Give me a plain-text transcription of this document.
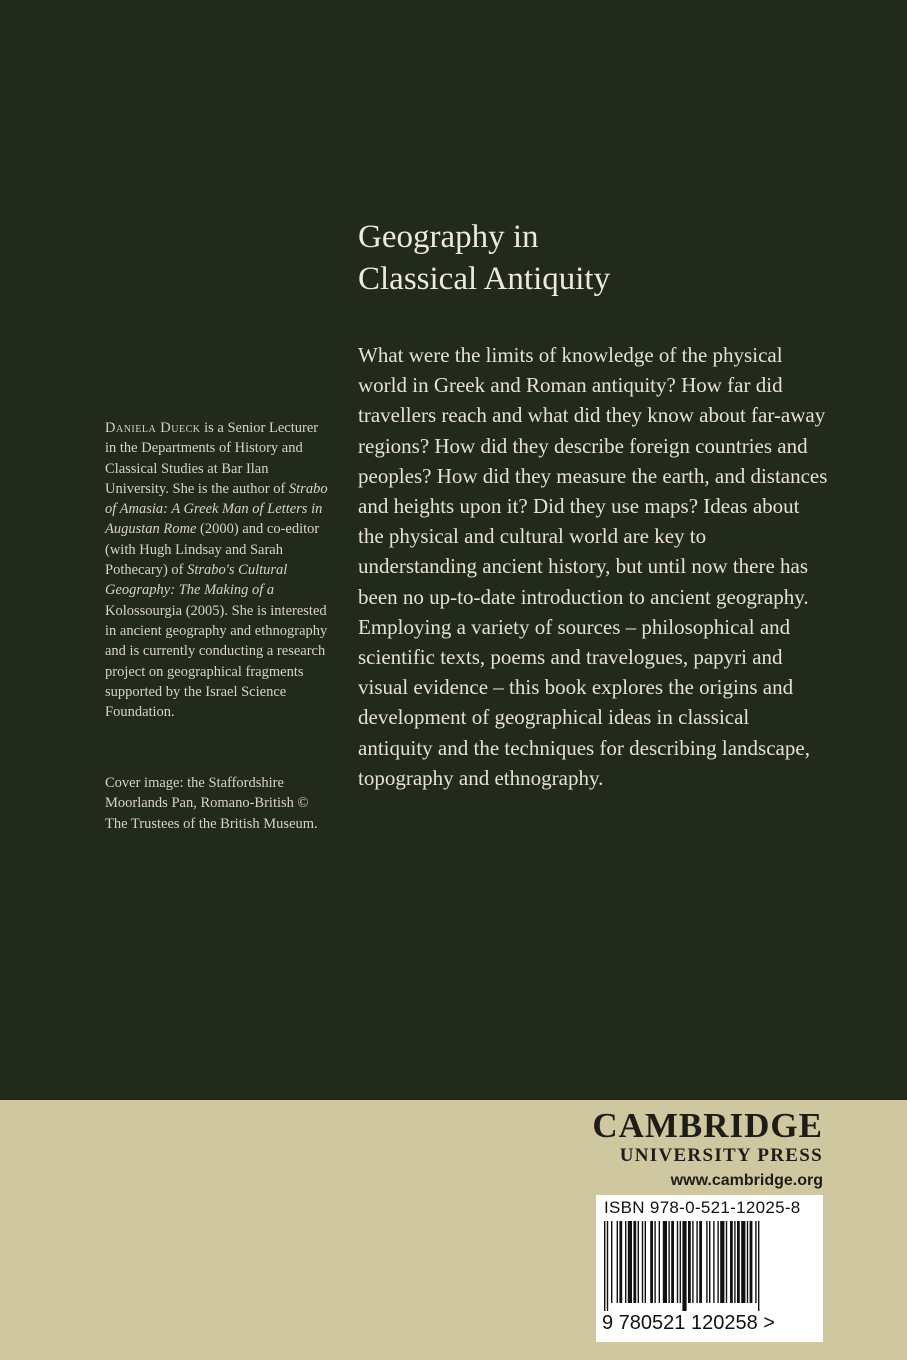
Geography in
Classical Antiquity

What were the limits of knowledge of the physical world in Greek and Roman antiquity? How far did travellers reach and what did they know about far-away regions? How did they describe foreign countries and peoples? How did they measure the earth, and distances and heights upon it? Did they use maps? Ideas about the physical and cultural world are key to understanding ancient history, but until now there has been no up-to-date introduction to ancient geography. Employing a variety of sources – philosophical and scientific texts, poems and travelogues, papyri and visual evidence – this book explores the origins and development of geographical ideas in classical antiquity and the techniques for describing landscape, topography and ethnography.

Daniela Dueck is a Senior Lecturer in the Departments of History and Classical Studies at Bar Ilan University. She is the author of Strabo of Amasia: A Greek Man of Letters in Augustan Rome (2000) and co-editor (with Hugh Lindsay and Sarah Pothecary) of Strabo's Cultural Geography: The Making of a Kolossourgia (2005). She is interested in ancient geography and ethnography and is currently conducting a research project on geographical fragments supported by the Israel Science Foundation.

Cover image: the Staffordshire Moorlands Pan, Romano-British © The Trustees of the British Museum.

CAMBRIDGE
UNIVERSITY PRESS
www.cambridge.org
ISBN 978-0-521-12025-8
9 780521 120258 >
